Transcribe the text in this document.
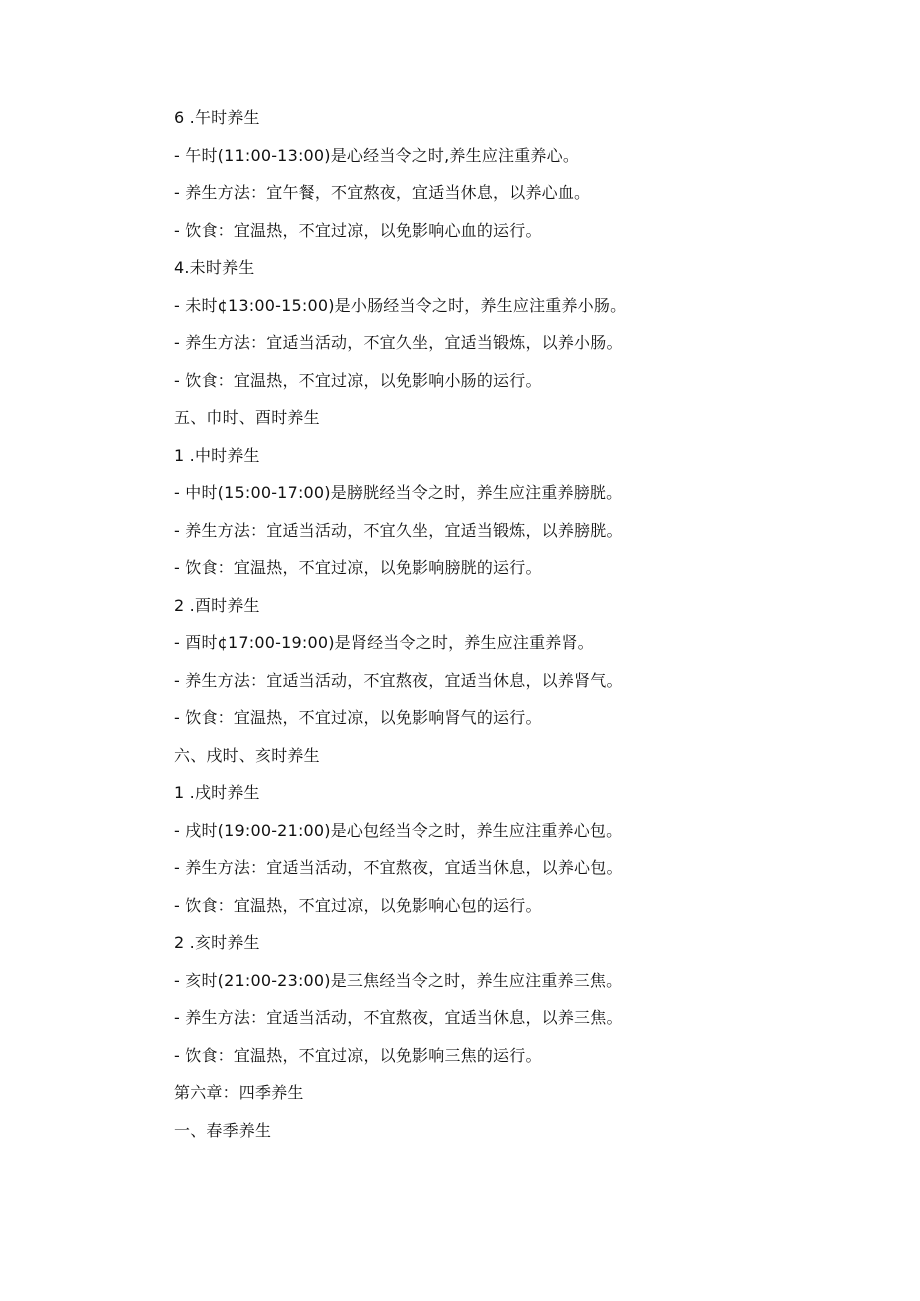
6 .午时养生
- 午时(11:00-13:00)是心经当令之时,养生应注重养心。
- 养生方法：宜午餐，不宜熬夜，宜适当休息，以养心血。
- 饮食：宜温热，不宜过凉，以免影响心血的运行。
4.未时养生
- 未时¢13:00-15:00)是小肠经当令之时，养生应注重养小肠。
- 养生方法：宜适当活动，不宜久坐，宜适当锻炼，以养小肠。
- 饮食：宜温热，不宜过凉，以免影响小肠的运行。
五、巾时、酉时养生
1 .中时养生
- 中时(15:00-17:00)是膀胱经当令之时，养生应注重养膀胱。
- 养生方法：宜适当活动，不宜久坐，宜适当锻炼，以养膀胱。
- 饮食：宜温热，不宜过凉，以免影响膀胱的运行。
2 .酉时养生
- 酉时¢17:00-19:00)是肾经当令之时，养生应注重养肾。
- 养生方法：宜适当活动，不宜熬夜，宜适当休息，以养肾气。
- 饮食：宜温热，不宜过凉，以免影响肾气的运行。
六、戌时、亥时养生
1 .戌时养生
- 戌时(19:00-21:00)是心包经当令之时，养生应注重养心包。
- 养生方法：宜适当活动，不宜熬夜，宜适当休息，以养心包。
- 饮食：宜温热，不宜过凉，以免影响心包的运行。
2 .亥时养生
- 亥时(21:00-23:00)是三焦经当令之时，养生应注重养三焦。
- 养生方法：宜适当活动，不宜熬夜，宜适当休息，以养三焦。
- 饮食：宜温热，不宜过凉，以免影响三焦的运行。
第六章：四季养生
一、春季养生
